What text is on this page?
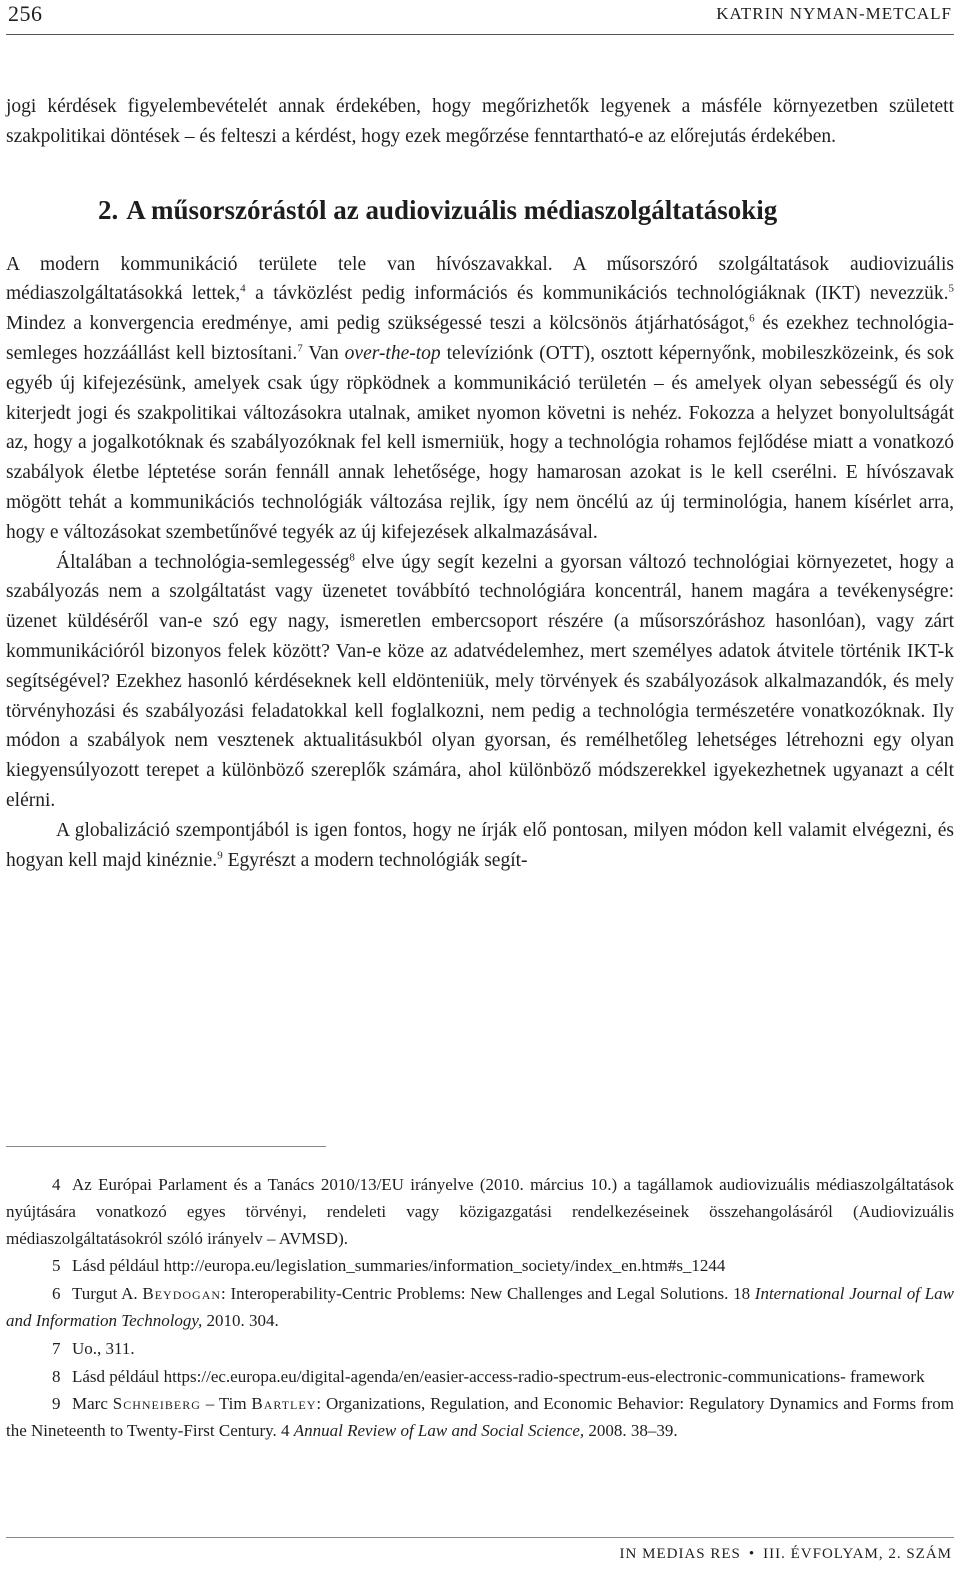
256	KATRIN NYMAN-METCALF

jogi kérdések figyelembevételét annak érdekében, hogy megőrizhetők legyenek a másféle környezetben született szakpolitikai döntések – és felteszi a kérdést, hogy ezek megőrzése fenntartható-e az előrejutás érdekében.

2. A műsorszórástól az audiovizuális médiaszolgáltatásokig

A modern kommunikáció területe tele van hívószavakkal. A műsorszóró szolgáltatások audiovizuális médiaszolgáltatásokká lettek,$^4$ a távközlést pedig információs és kommunikációs technológiáknak (IKT) nevezzük.$^5$ Mindez a konvergencia eredménye, ami pedig szükségessé teszi a kölcsönös átjárhatóságot,$^6$ és ezekhez technológia-semleges hozzáállást kell biztosítani.$^7$ Van over-the-top televíziónk (OTT), osztott képernyőnk, mobileszközeink, és sok egyéb új kifejezésünk, amelyek csak úgy röpködnek a kommunikáció területén – és amelyek olyan sebességű és oly kiterjedt jogi és szakpolitikai változásokra utalnak, amiket nyomon követni is nehéz. Fokozza a helyzet bonyolultságát az, hogy a jogalkotóknak és szabályozóknak fel kell ismerniük, hogy a technológia rohamos fejlődése miatt a vonatkozó szabályok életbe léptetése során fennáll annak lehetősége, hogy hamarosan azokat is le kell cserélni. E hívószavak mögött tehát a kommunikációs technológiák változása rejlik, így nem öncélú az új terminológia, hanem kísérlet arra, hogy e változásokat szembetűnővé tegyék az új kifejezések alkalmazásával.

Általában a technológia-semlegesség$^8$ elve úgy segít kezelni a gyorsan változó technológiai környezetet, hogy a szabályozás nem a szolgáltatást vagy üzenetet továbbító technológiára koncentrál, hanem magára a tevékenységre: üzenet küldéséről van-e szó egy nagy, ismeretlen embercsoport részére (a műsorszóráshoz hasonlóan), vagy zárt kommunikációról bizonyos felek között? Van-e köze az adatvédelemhez, mert személyes adatok átvitele történik IKT-k segítségével? Ezekhez hasonló kérdéseknek kell eldönteniük, mely törvények és szabályozások alkalmazandók, és mely törvényhozási és szabályozási feladatokkal kell foglalkozni, nem pedig a technológia természetére vonatkozóknak. Ily módon a szabályok nem vesztenek aktualitásukból olyan gyorsan, és remélhetőleg lehetséges létrehozni egy olyan kiegyensúlyozott terepet a különböző szereplők számára, ahol különböző módszerekkel igyekezhetnek ugyanazt a célt elérni.

A globalizáció szempontjából is igen fontos, hogy ne írják elő pontosan, milyen módon kell valamit elvégezni, és hogyan kell majd kinéznie.$^9$ Egyrészt a modern technológiák segít-

4 Az Európai Parlament és a Tanács 2010/13/EU irányelve (2010. március 10.) a tagállamok audiovizuális médiaszolgáltatások nyújtására vonatkozó egyes törvényi, rendeleti vagy közigazgatási rendelkezéseinek összehangolásáról (Audiovizuális médiaszolgáltatásokról szóló irányelv – AVMSD).

5 Lásd például http://europa.eu/legislation_summaries/information_society/index_en.htm#s_1244

6 Turgut A. Beydogan: Interoperability-Centric Problems: New Challenges and Legal Solutions. 18 International Journal of Law and Information Technology, 2010. 304.

7 Uo., 311.

8 Lásd például https://ec.europa.eu/digital-agenda/en/easier-access-radio-spectrum-eus-electronic-communications- framework

9 Marc Schneiberg – Tim Bartley: Organizations, Regulation, and Economic Behavior: Regulatory Dynamics and Forms from the Nineteenth to Twenty-First Century. 4 Annual Review of Law and Social Science, 2008. 38–39.

IN MEDIAS RES • III. ÉVFOLYAM, 2. SZÁM
